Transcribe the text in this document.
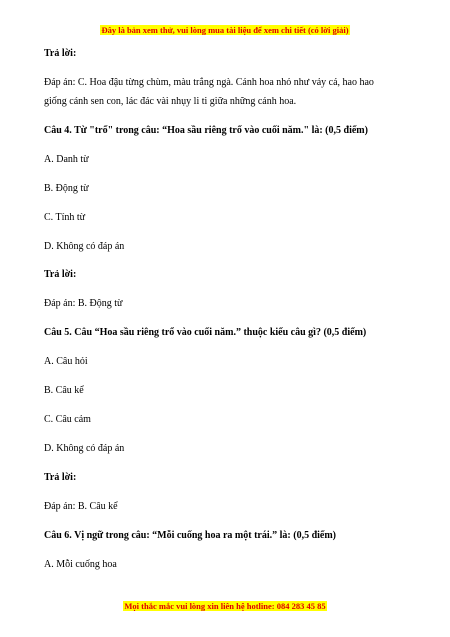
Đây là bản xem thử, vui lòng mua tài liệu để xem chi tiết (có lời giải)
Trả lời:
Đáp án: C. Hoa đậu từng chùm, màu trắng ngà. Cánh hoa nhỏ như vảy cá, hao hao
giống cánh sen con, lác đác vài nhụy li ti giữa những cánh hoa.
Câu 4. Từ "trổ" trong câu: “Hoa sầu riêng trổ vào cuối năm." là: (0,5 điểm)
A. Danh từ
B. Động từ
C. Tính từ
D. Không có đáp án
Trả lời:
Đáp án: B. Động từ
Câu 5. Câu “Hoa sầu riêng trổ vào cuối năm.” thuộc kiểu câu gì? (0,5 điểm)
A. Câu hỏi
B. Câu kể
C. Câu cảm
D. Không có đáp án
Trả lời:
Đáp án: B. Câu kể
Câu 6. Vị ngữ trong câu: “Mỗi cuống hoa ra một trái.” là: (0,5 điểm)
A. Mỗi cuống hoa
Mọi thắc mắc vui lòng xin liên hệ hotline: 084 283 45 85
